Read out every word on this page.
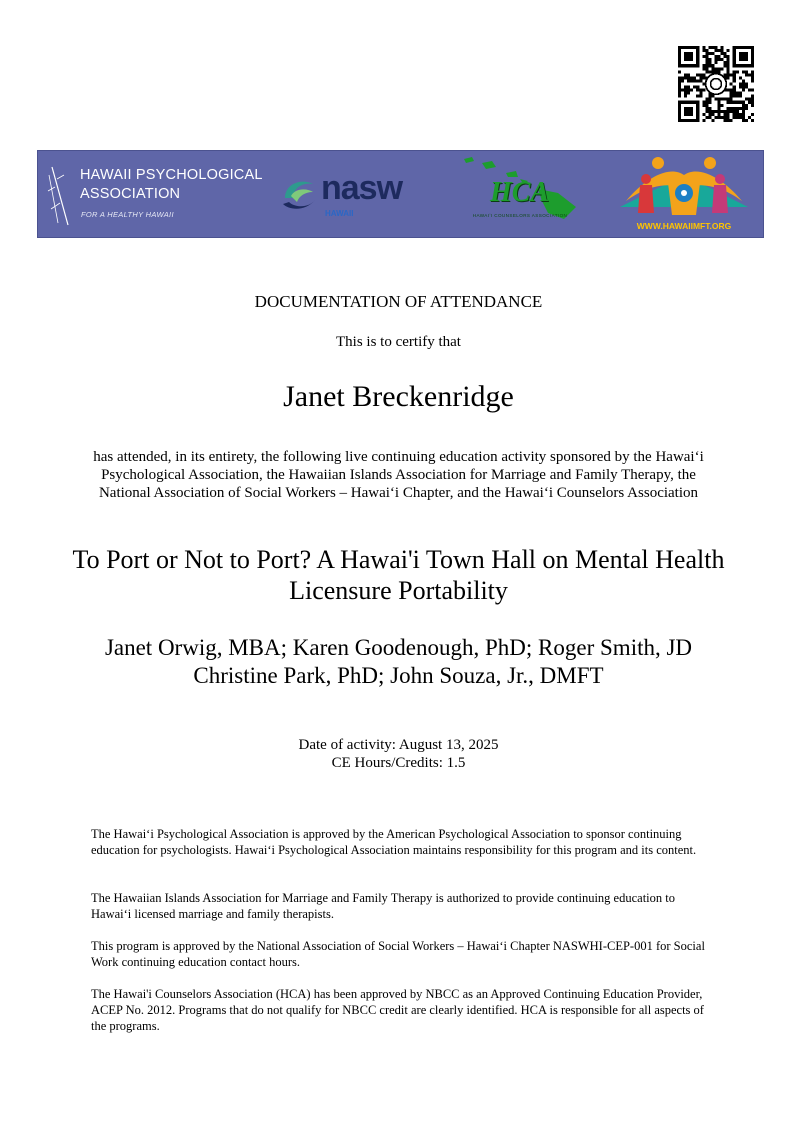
HAWAII PSYCHOLOGICAL
ASSOCIATION
FOR A HEALTHY HAWAII
nasw
HAWAII
HCA
HAWAIʻI COUNSELORS ASSOCIATION
WWW.HAWAIIMFT.ORG
DOCUMENTATION OF ATTENDANCE
This is to certify that
Janet Breckenridge
has attended, in its entirety, the following live continuing education activity sponsored by the Hawaiʻi Psychological Association, the Hawaiian Islands Association for Marriage and Family Therapy, the National Association of Social Workers – Hawaiʻi Chapter, and the Hawaiʻi Counselors Association
To Port or Not to Port? A Hawai'i Town Hall on Mental Health Licensure Portability
Janet Orwig, MBA; Karen Goodenough, PhD; Roger Smith, JD
Christine Park, PhD; John Souza, Jr., DMFT
Date of activity: August 13, 2025
CE Hours/Credits: 1.5
The Hawaiʻi Psychological Association is approved by the American Psychological Association to sponsor continuing education for psychologists. Hawaiʻi Psychological Association maintains responsibility for this program and its content.
The Hawaiian Islands Association for Marriage and Family Therapy is authorized to provide continuing education to Hawaiʻi licensed marriage and family therapists.
This program is approved by the National Association of Social Workers – Hawaiʻi Chapter NASWHI-CEP-001 for Social Work continuing education contact hours.
The Hawai'i Counselors Association (HCA) has been approved by NBCC as an Approved Continuing Education Provider, ACEP No. 2012. Programs that do not qualify for NBCC credit are clearly identified. HCA is responsible for all aspects of the programs.
